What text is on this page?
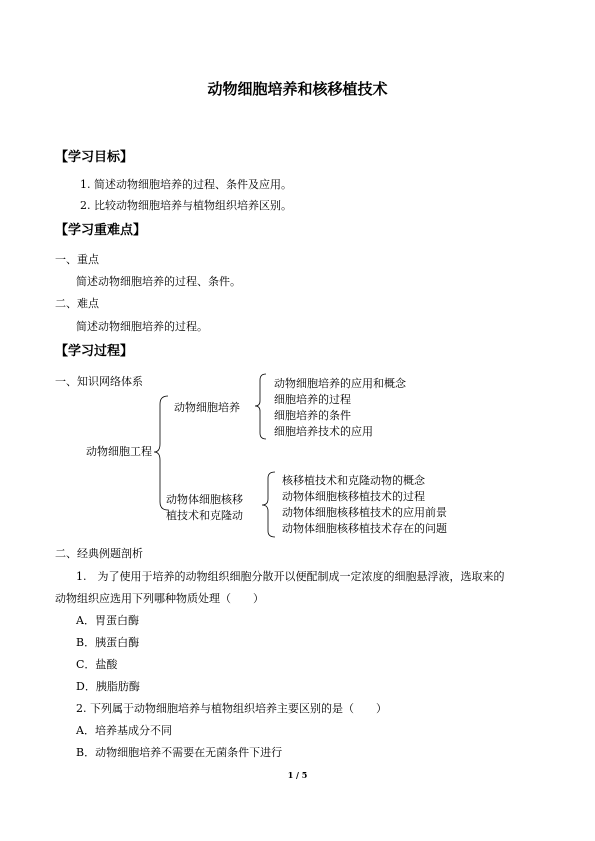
动物细胞培养和核移植技术
【学习目标】
1. 简述动物细胞培养的过程、条件及应用。
2. 比较动物细胞培养与植物组织培养区别。
【学习重难点】
一、重点
简述动物细胞培养的过程、条件。
二、难点
简述动物细胞培养的过程。
【学习过程】
一、知识网络体系
动物细胞工程
动物细胞培养
动物细胞培养的应用和概念
细胞培养的过程
细胞培养的条件
细胞培养技术的应用
动物体细胞核移
植技术和克隆动
核移植技术和克隆动物的概念
动物体细胞核移植技术的过程
动物体细胞核移植技术的应用前景
动物体细胞核移植技术存在的问题
二、经典例题剖析
1.　为了使用于培养的动物组织细胞分散开以便配制成一定浓度的细胞悬浮液，选取来的
动物组织应选用下列哪种物质处理（　　）
A．胃蛋白酶
B．胰蛋白酶
C．盐酸
D．胰脂肪酶
2. 下列属于动物细胞培养与植物组织培养主要区别的是（　　）
A．培养基成分不同
B．动物细胞培养不需要在无菌条件下进行
1 / 5
